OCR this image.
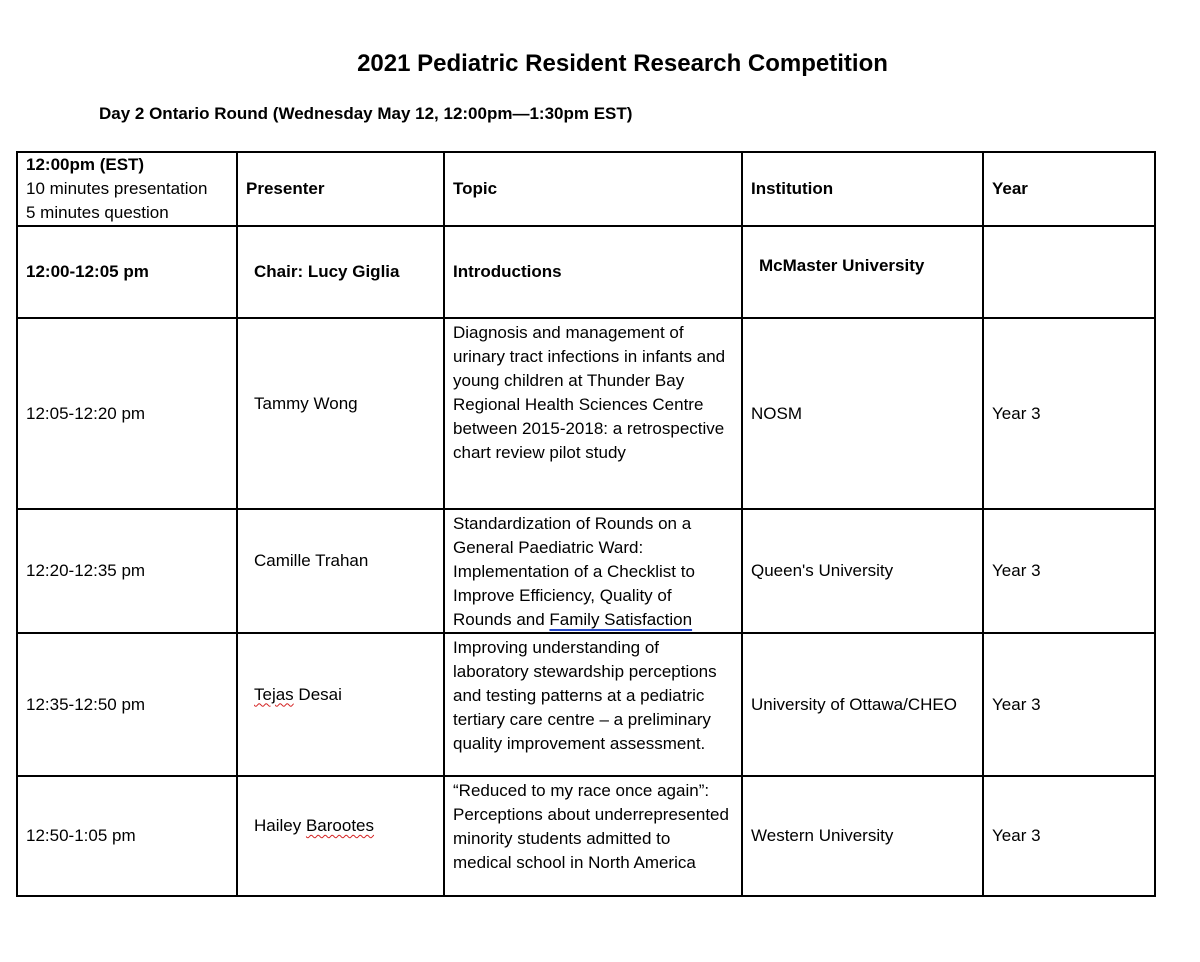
2021 Pediatric Resident Research Competition
Day 2 Ontario Round (Wednesday May 12, 12:00pm—1:30pm EST)
12:00pm (EST)
10 minutes presentation
5 minutes question	Presenter	Topic	Institution	Year
12:00-12:05 pm	Chair: Lucy Giglia	Introductions	McMaster University	

12:05-12:20 pm	Tammy Wong	Diagnosis and management of urinary tract infections in infants and young children at Thunder Bay Regional Health Sciences Centre between 2015-2018: a retrospective chart review pilot study	NOSM	Year 3
12:20-12:35 pm	Camille Trahan	Standardization of Rounds on a General Paediatric Ward: Implementation of a Checklist to Improve Efficiency, Quality of Rounds and Family Satisfaction	Queen's University	Year 3
12:35-12:50 pm	Tejas Desai	Improving understanding of laboratory stewardship perceptions and testing patterns at a pediatric tertiary care centre – a preliminary quality improvement assessment.	University of Ottawa/CHEO	Year 3
12:50-1:05 pm	Hailey Barootes	“Reduced to my race once again”: Perceptions about underrepresented minority students admitted to medical school in North America	Western University	Year 3
